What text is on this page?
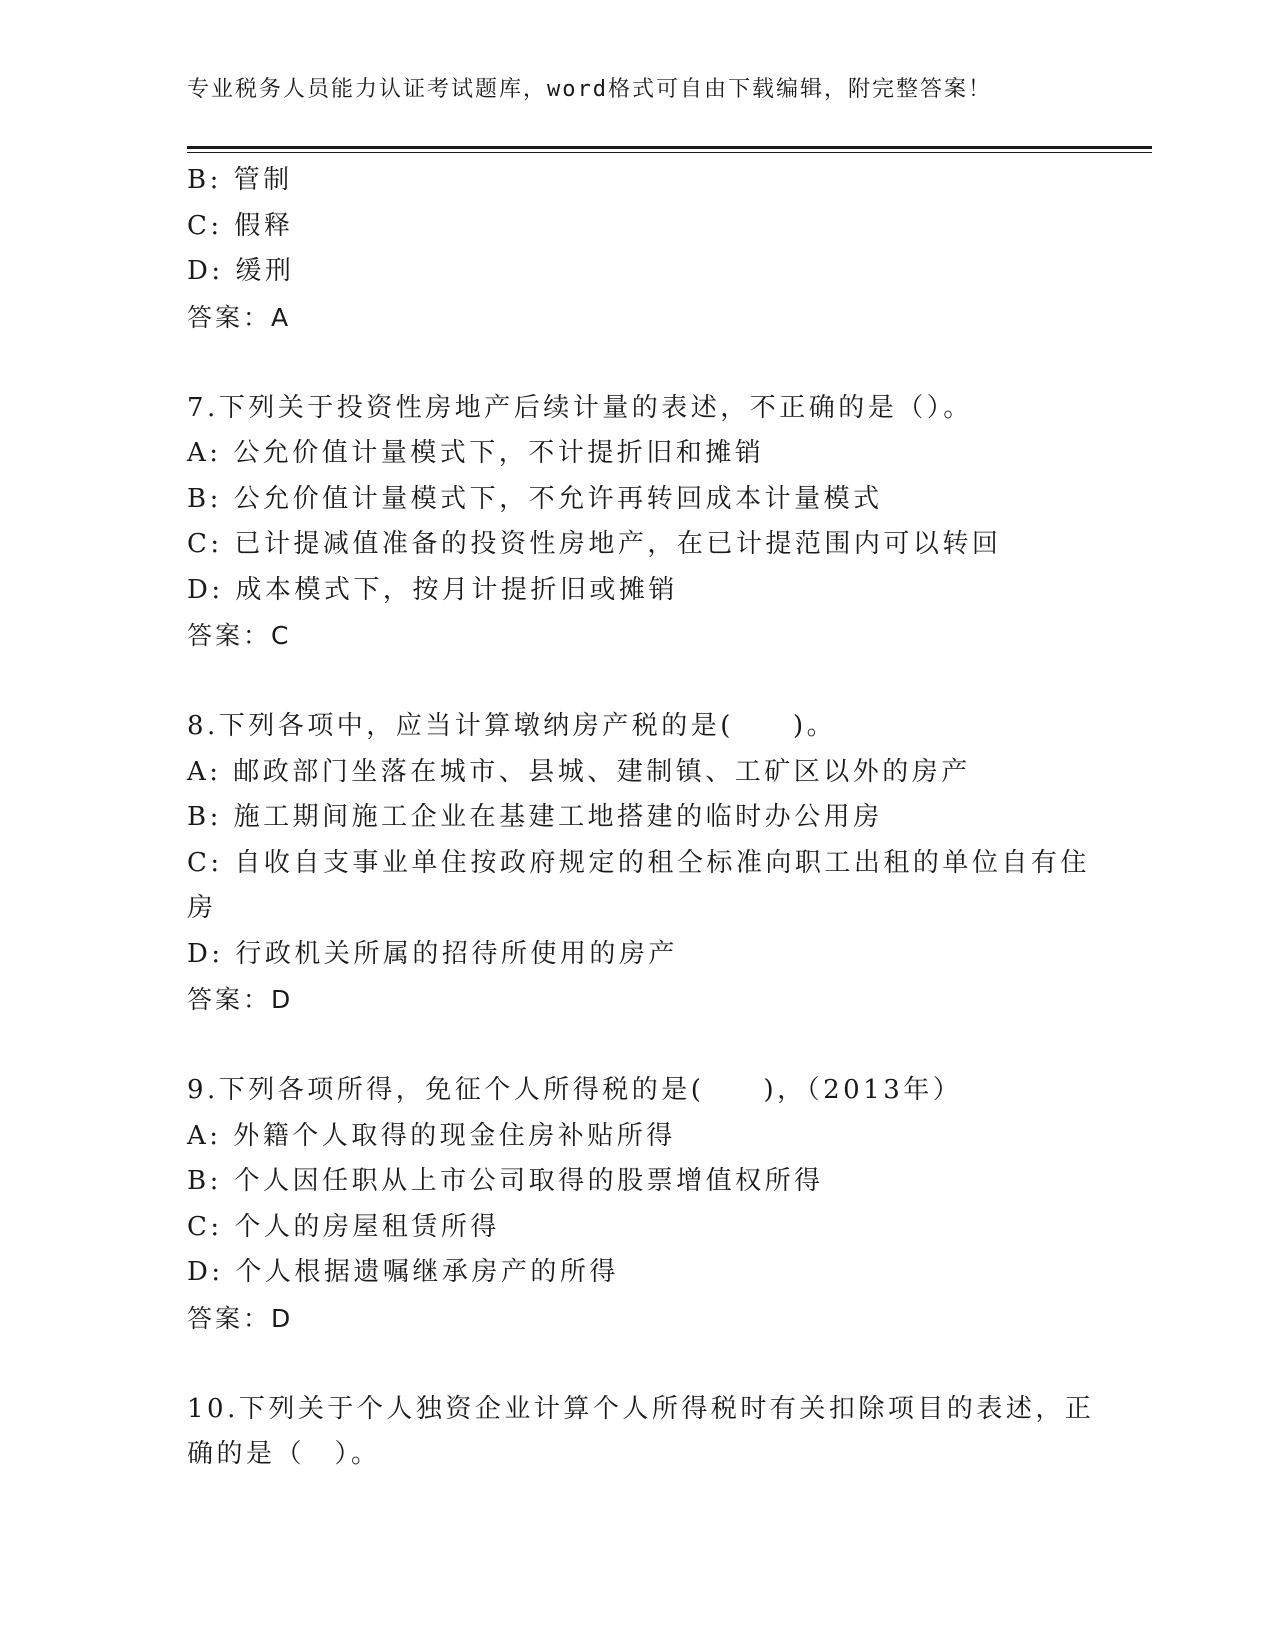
专业税务人员能力认证考试题库，word格式可自由下载编辑，附完整答案！
B: 管制
C: 假释
D: 缓刑
答案：A
7.下列关于投资性房地产后续计量的表述，不正确的是（）。
A: 公允价值计量模式下，不计提折旧和摊销
B: 公允价值计量模式下，不允许再转回成本计量模式
C: 已计提减值准备的投资性房地产，在已计提范围内可以转回
D: 成本模式下，按月计提折旧或摊销
答案：C
8.下列各项中，应当计算墩纳房产税的是(　　)。
A: 邮政部门坐落在城市、县城、建制镇、工矿区以外的房产
B: 施工期间施工企业在基建工地搭建的临时办公用房
C: 自收自支事业单住按政府规定的租仝标准向职工出租的单位自有住
房
D: 行政机关所属的招待所使用的房产
答案：D
9.下列各项所得，免征个人所得税的是(　　)，（2013年）
A: 外籍个人取得的现金住房补贴所得
B: 个人因任职从上市公司取得的股票增值权所得
C: 个人的房屋租赁所得
D: 个人根据遗嘱继承房产的所得
答案：D
10.下列关于个人独资企业计算个人所得税时有关扣除项目的表述，正
确的是（　）。
